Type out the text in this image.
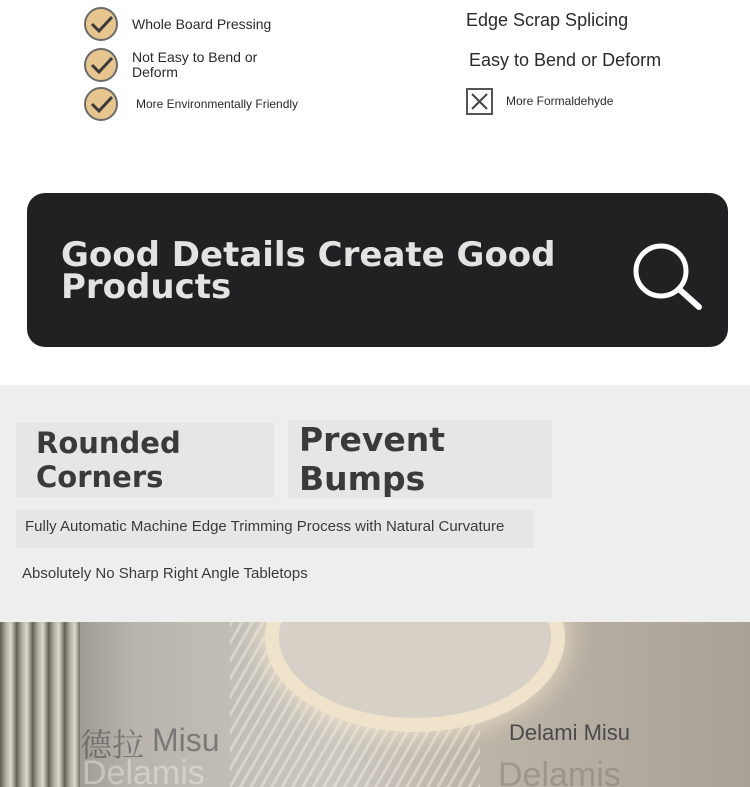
Whole Board Pressing
Not Easy to Bend or Deform
More Environmentally Friendly
Edge Scrap Splicing
Easy to Bend or Deform
More Formaldehyde
Good Details Create Good Products
Rounded Corners
Prevent Bumps
Fully Automatic Machine Edge Trimming Process with Natural Curvature
Absolutely No Sharp Right Angle Tabletops
德拉 Misu
Delamis
Delami Misu
Delamis
